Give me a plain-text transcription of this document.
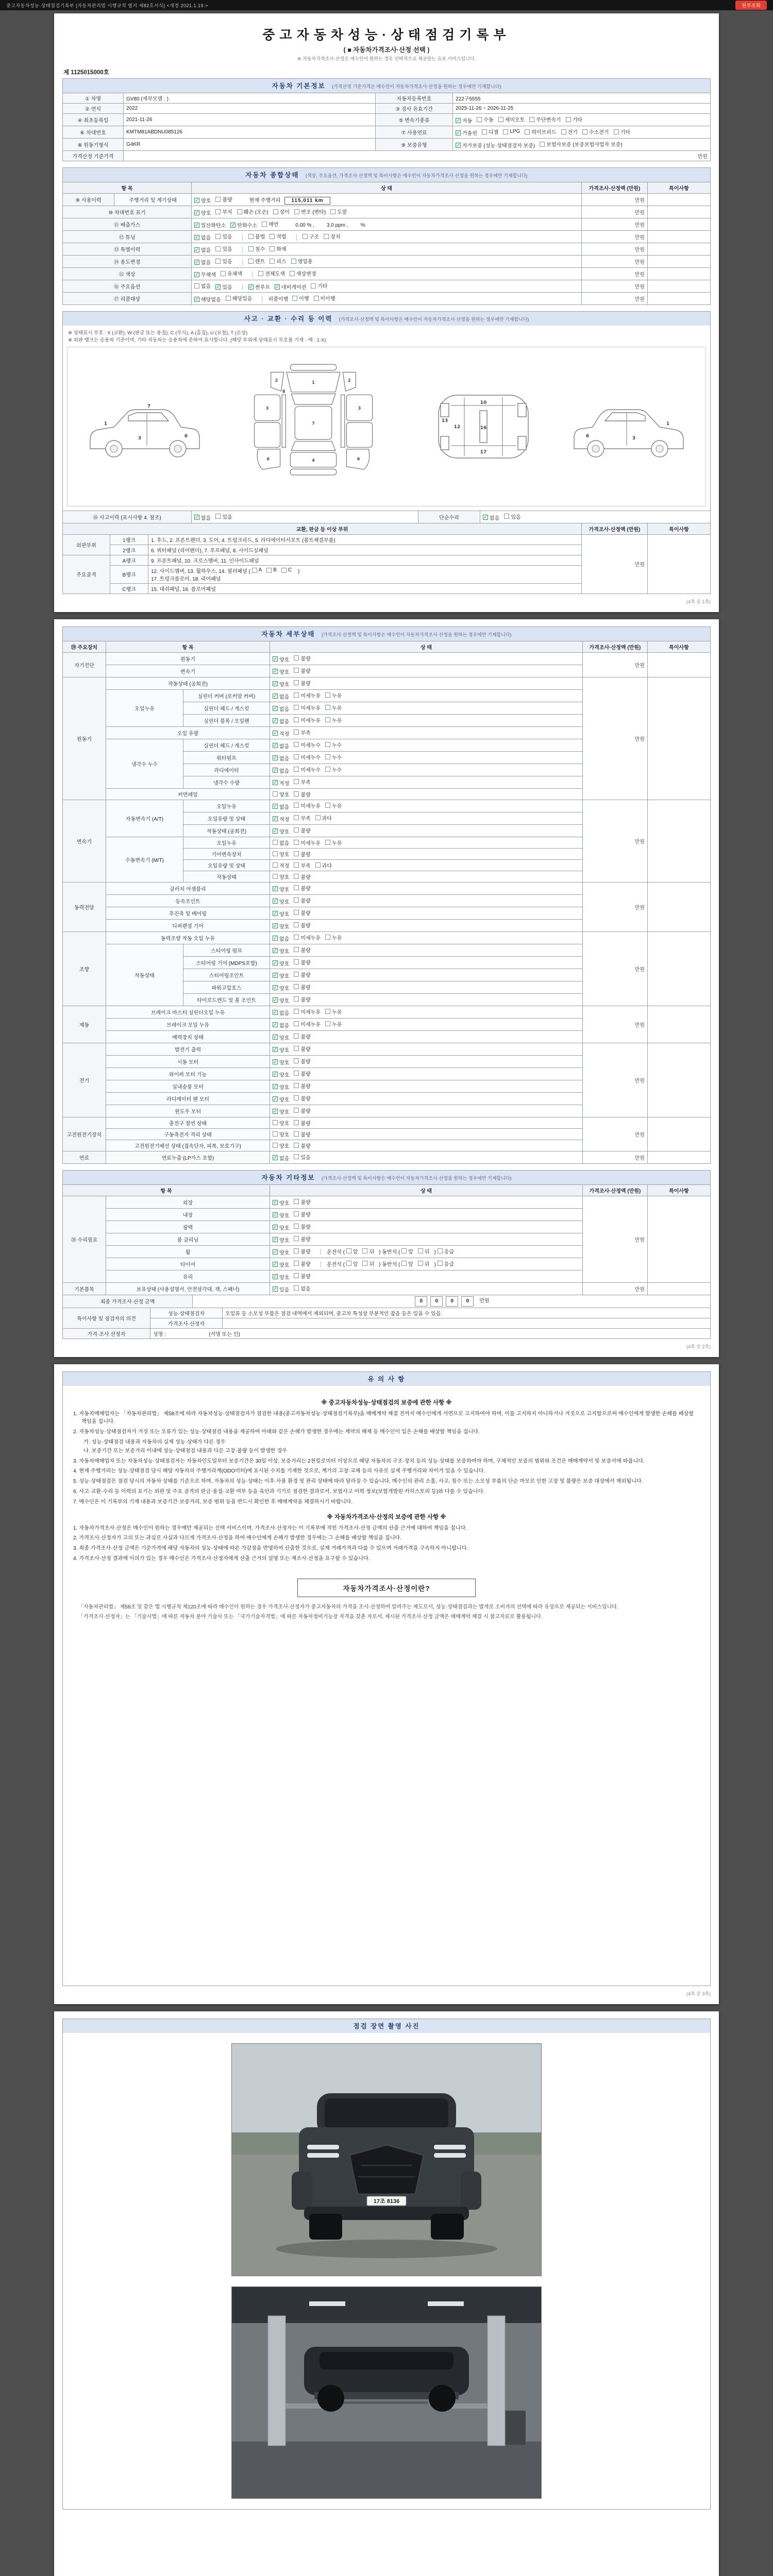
중고자동차성능·상태점검기록부 [자동차관리법 시행규칙 별지 제82호서식] <개정 2021.1.19.>	원부조회
중고자동차성능·상태점검기록부
( ■ 자동차가격조사·산정 선택 )
※ 자동차가격조사·산정은 매수인이 원하는 경우 선택적으로 제공받는 유료 서비스입니다.
제 1125015000호
자동차 기본정보 (가격산정 기준가격은 매수인이 자동차가격조사·산정을 원하는 경우에만 기재합니다)
① 차명	GV80 (세부모델 : )	자동차등록번호	222구5555
② 연식	2022	③ 검사 유효기간	2025-11-26 ~ 2026-11-25
④ 최초등록일	2021-11-26	⑤ 변속기종류	✓ 자동 수동 세미오토 무단변속기 기타

⑥ 차대번호	KMTM81ABDNU085126	⑦ 사용연료	✓ 가솔린 디젤 LPG 하이브리드 전기 수소전기 기타

⑧ 원동기형식	G4KR	⑨ 보증유형	✓ 자가보증 (성능·상태점검자 보증) 보험사보증 (보증보험사업자 보증)

가격산정 기준가격	만원		
자동차 종합상태 (색상, 주요옵션, 가격조사·산정액 및 특이사항은 매수인이 자동차가격조사·산정을 원하는 경우에만 기재합니다)
항 목		상 태	가격조사·산정액 (만원)	특이사항
⑨ 사용이력	주행거리 및 계기상태	✓ 양호 불량 현재 주행거리 115,011 km	만원	
⑩ 차대번호 표기	✓ 양호 부식 훼손 (오손) 상이 변조 (변타) 도말	만원	
⑪ 배출가스	✓ 일산화탄소 ✓ 탄화수소 매연	0.00 % , 3.0 ppm , %	만원	
⑫ 튜닝	✓ 없음 있음 │ 불법 적법 │ 구조 장치	만원	
⑬ 특별이력	✓ 없음 있음 │ 침수 화재	만원	
⑭ 용도변경	✓ 없음 있음 │ 렌트 리스 영업용	만원	
⑮ 색상	✓ 무채색 유채색 │ 전체도색 색상변경	만원	
⑯ 주요옵션	없음 ✓ 있음 │ ✓ 썬루프 ✓ 네비게이션 기타	만원	
⑰ 리콜대상	✓ 해당없음 해당있음 │ 리콜이행 이행 미이행	만원	
사고 · 교환 · 수리 등 이력 (가격조사·산정액 및 특이사항은 매수인이 자동차가격조사·산정을 원하는 경우에만 기재합니다)
※ 상태표시 부호 : X (교환), W (판금 또는 용접), C (부식), A (흠집), U (요철), T (손상)
※ 외판 랭크는 승용차 기준이며, 기타 자동차는 승용차에 준하여 표시합니다. (해당 부위에 상태표시 부호를 기재 · 예 : 1-X)
1
3	6
7
1
2	2
3	3
7
4
6	6
8
10
12
13
16
17
1
3
6
⑱ 사고이력 (표시사항 4. 참조)	✓ 없음 있음	단순수리	✓ 없음 있음
교환, 판금 등 이상 부위			가격조사·산정액 (만원)	특이사항
외판부위	1랭크	1. 후드, 2. 프론트펜더, 3. 도어, 4. 트렁크리드, 5. 라디에이터서포트 (볼트체결부품)	만원	
	2랭크	6. 쿼터패널 (리어펜더), 7. 루프패널, 8. 사이드실패널		
주요골격	A랭크	9. 프론트패널, 10. 크로스멤버, 11. 인사이드패널		
B랭크	12. 사이드멤버, 13. 휠하우스, 14. 필러패널 ( A B C )
17. 트렁크플로어, 18. 리어패널
	C랭크	15. 대쉬패널, 16. 플로어패널		
(4쪽 중 1쪽)
자동차 세부상태 (가격조사·산정액 및 특이사항은 매수인이 자동차가격조사·산정을 원하는 경우에만 기재합니다)
⑲ 주요장치	항 목		상 태	가격조사·산정액 (만원)	특이사항
자기진단	원동기		✓ 양호 불량	만원	
	변속기		✓ 양호 불량		

원동기	작동상태 (공회전)		✓ 양호 불량	만원	
	오일누유	실린더 커버 (로커암 커버)	✓ 없음 미세누유 누유		

		실린더 헤드 / 개스킷	✓ 없음 미세누유 누유		

		실린더 블록 / 오일팬	✓ 없음 미세누유 누유		

	오일 유량		✓ 적정 부족		

	냉각수 누수	실린더 헤드 / 개스킷	✓ 없음 미세누수 누수		

		워터펌프	✓ 없음 미세누수 누수		

		라디에이터	✓ 없음 미세누수 누수		

		냉각수 수량	✓ 적정 부족		

	커먼레일		양호 불량		

변속기	자동변속기 (A/T)	오일누유	✓ 없음 미세누유 누유	만원	
		오일유량 및 상태	✓ 적정 부족 과다		

		작동상태 (공회전)	✓ 양호 불량		

	수동변속기 (M/T)	오일누유	없음 미세누유 누유		

		기어변속장치	양호 불량		

		오일유량 및 상태	적정 부족 과다		

		작동상태	양호 불량		

동력전달	클러치 어셈블리		✓ 양호 불량	만원	
	등속조인트		✓ 양호 불량		

	추진축 및 베어링		✓ 양호 불량		

	디퍼렌셜 기어		✓ 양호 불량		

조향	동력조향 작동 오일 누유		✓ 없음 미세누유 누유	만원	
	작동상태	스티어링 펌프	✓ 양호 불량		

		스티어링 기어 (MDPS포함)	✓ 양호 불량		

		스티어링조인트	✓ 양호 불량		

		파워고압호스	✓ 양호 불량		

		타이로드엔드 및 볼 조인트	✓ 양호 불량		

제동	브레이크 마스터 실린더오일 누유		✓ 없음 미세누유 누유	만원	
	브레이크 오일 누유		✓ 없음 미세누유 누유		

	배력장치 상태		✓ 양호 불량		

전기	발전기 출력		✓ 양호 불량	만원	
	시동 모터		✓ 양호 불량		

	와이퍼 모터 기능		✓ 양호 불량		

	실내송풍 모터		✓ 양호 불량		

	라디에이터 팬 모터		✓ 양호 불량		

	윈도우 모터		✓ 양호 불량		

고전원전기장치	충전구 절연 상태		양호 불량	만원	
	구동축전지 격리 상태		양호 불량		

	고전원전기배선 상태 (접속단자, 피복, 보호기구)		양호 불량		

연료	연료누출 (LP가스 포함)		✓ 없음 있음	만원	
자동차 기타정보 (가격조사·산정액 및 특이사항은 매수인이 자동차가격조사·산정을 원하는 경우에만 기재합니다)
항 목		상 태	가격조사·산정액 (만원)	특이사항
⑳ 수리필요	외장	✓ 양호 불량	만원	
	내장	✓ 양호 불량		

	광택	✓ 양호 불량		

	룸 클리닝	✓ 양호 불량		

휠	✓ 양호 불량 │ 운전석 ( 앞 뒤 ) 동반석 ( 앞 뒤 ) 응급

타이어	✓ 양호 불량 │ 운전석 ( 앞 뒤 ) 동반석 ( 앞 뒤 ) 응급

	유리	✓ 양호 불량		

기본품목	보유상태 (사용설명서, 안전삼각대, 잭, 스패너)	✓ 있음 없음	만원	
최종 가격조사·산정 금액	0 0 0 0 만원
특이사항 및 점검자의 의견	성능·상태점검자	오일류 등 소모성 부품은 점검 내역에서 제외되며, 중고차 특성상 부분적인 잡음 등은 있을 수 있음.
	가격조사·산정자	
가격·조사 산정자	성명 :                              (서명 또는 인)
(4쪽 중 2쪽)
유 의 사 항
※ 중고자동차성능·상태점검의 보증에 관한 사항 ※
1. 자동차매매업자는 「자동차관리법」 제58조에 따라 자동차성능·상태점검자가 점검한 내용(중고자동차성능·상태점검기록부)을 매매계약 체결 전까지 매수인에게 서면으로 고지하여야 하며, 이를 고지하지 아니하거나 거짓으로 고지함으로써 매수인에게 발생한 손해를 배상할 책임을 집니다.
2. 자동차성능·상태점검자가 거짓 또는 오류가 있는 성능·상태점검 내용을 제공하여 아래와 같은 손해가 발생한 경우에는 계약의 해제 등 매수인이 입은 손해를 배상할 책임을 집니다.
가. 성능·상태점검 내용과 자동차의 실제 성능·상태가 다른 경우
나. 보증기간 또는 보증거리 이내에 성능·상태점검 내용과 다른 고장·불량 등이 발생한 경우
3. 자동차매매업자 또는 자동차성능·상태점검자는 자동차인도일부터 보증기간은 30일 이상, 보증거리는 2천킬로미터 이상으로 해당 자동차의 구조·장치 등의 성능·상태를 보증하여야 하며, 구체적인 보증의 범위와 조건은 매매계약서 및 보증서에 따릅니다.
4. 현재 주행거리는 성능·상태점검 당시 해당 자동차의 주행거리계(ODO미터)에 표시된 수치를 기재한 것으로, 계기의 고장·교체 등의 사유로 실제 주행거리와 차이가 있을 수 있습니다.
5. 성능·상태점검은 점검 당시의 자동차 상태를 기준으로 하며, 자동차의 성능·상태는 이후 사용 환경 및 관리 상태에 따라 달라질 수 있습니다. 매수인의 관리 소홀, 사고, 침수 또는 소모성 부품의 단순 마모로 인한 고장 및 불량은 보증 대상에서 제외됩니다.
6. 사고·교환·수리 등 이력의 표기는 외판 및 주요 골격의 판금·용접·교환 여부 등을 육안과 기기로 점검한 결과로서, 보험사고 이력 정보(보험개발원 카히스토리 등)와 다를 수 있습니다.
7. 매수인은 이 기록부의 기재 내용과 보증기간·보증거리, 보증 범위 등을 반드시 확인한 후 매매계약을 체결하시기 바랍니다.
※ 자동차가격조사·산정의 보증에 관한 사항 ※
1. 자동차가격조사·산정은 매수인이 원하는 경우에만 제공되는 선택 서비스이며, 가격조사·산정자는 이 기록부에 적힌 가격조사·산정 금액의 산출 근거에 대하여 책임을 집니다.
2. 가격조사·산정자가 고의 또는 과실로 사실과 다르게 가격조사·산정을 하여 매수인에게 손해가 발생한 경우에는 그 손해를 배상할 책임을 집니다.
3. 최종 가격조사·산정 금액은 기준가격에 해당 자동차의 성능·상태에 따른 가감점을 반영하여 산출한 것으로, 실제 거래가격과 다를 수 있으며 거래가격을 구속하지 아니합니다.
4. 가격조사·산정 결과에 이의가 있는 경우 매수인은 가격조사·산정자에게 산출 근거의 설명 또는 재조사·산정을 요구할 수 있습니다.
자동차가격조사·산정이란?
「자동차관리법」 제58조 및 같은 법 시행규칙 제120조에 따라 매수인이 원하는 경우 가격조사·산정자가 중고자동차의 가격을 조사·산정하여 알려주는 제도로서, 성능·상태점검과는 별개로 소비자의 선택에 따라 유상으로 제공되는 서비스입니다.
「가격조사·산정자」는 「기술사법」에 따른 자동차 분야 기술사 또는 「국가기술자격법」에 따른 자동차정비기능장 자격을 갖춘 자로서, 제시된 가격조사·산정 금액은 매매계약 체결 시 참고자료로 활용됩니다.
(4쪽 중 3쪽)
점검 장면 촬영 사진
17조 8136
